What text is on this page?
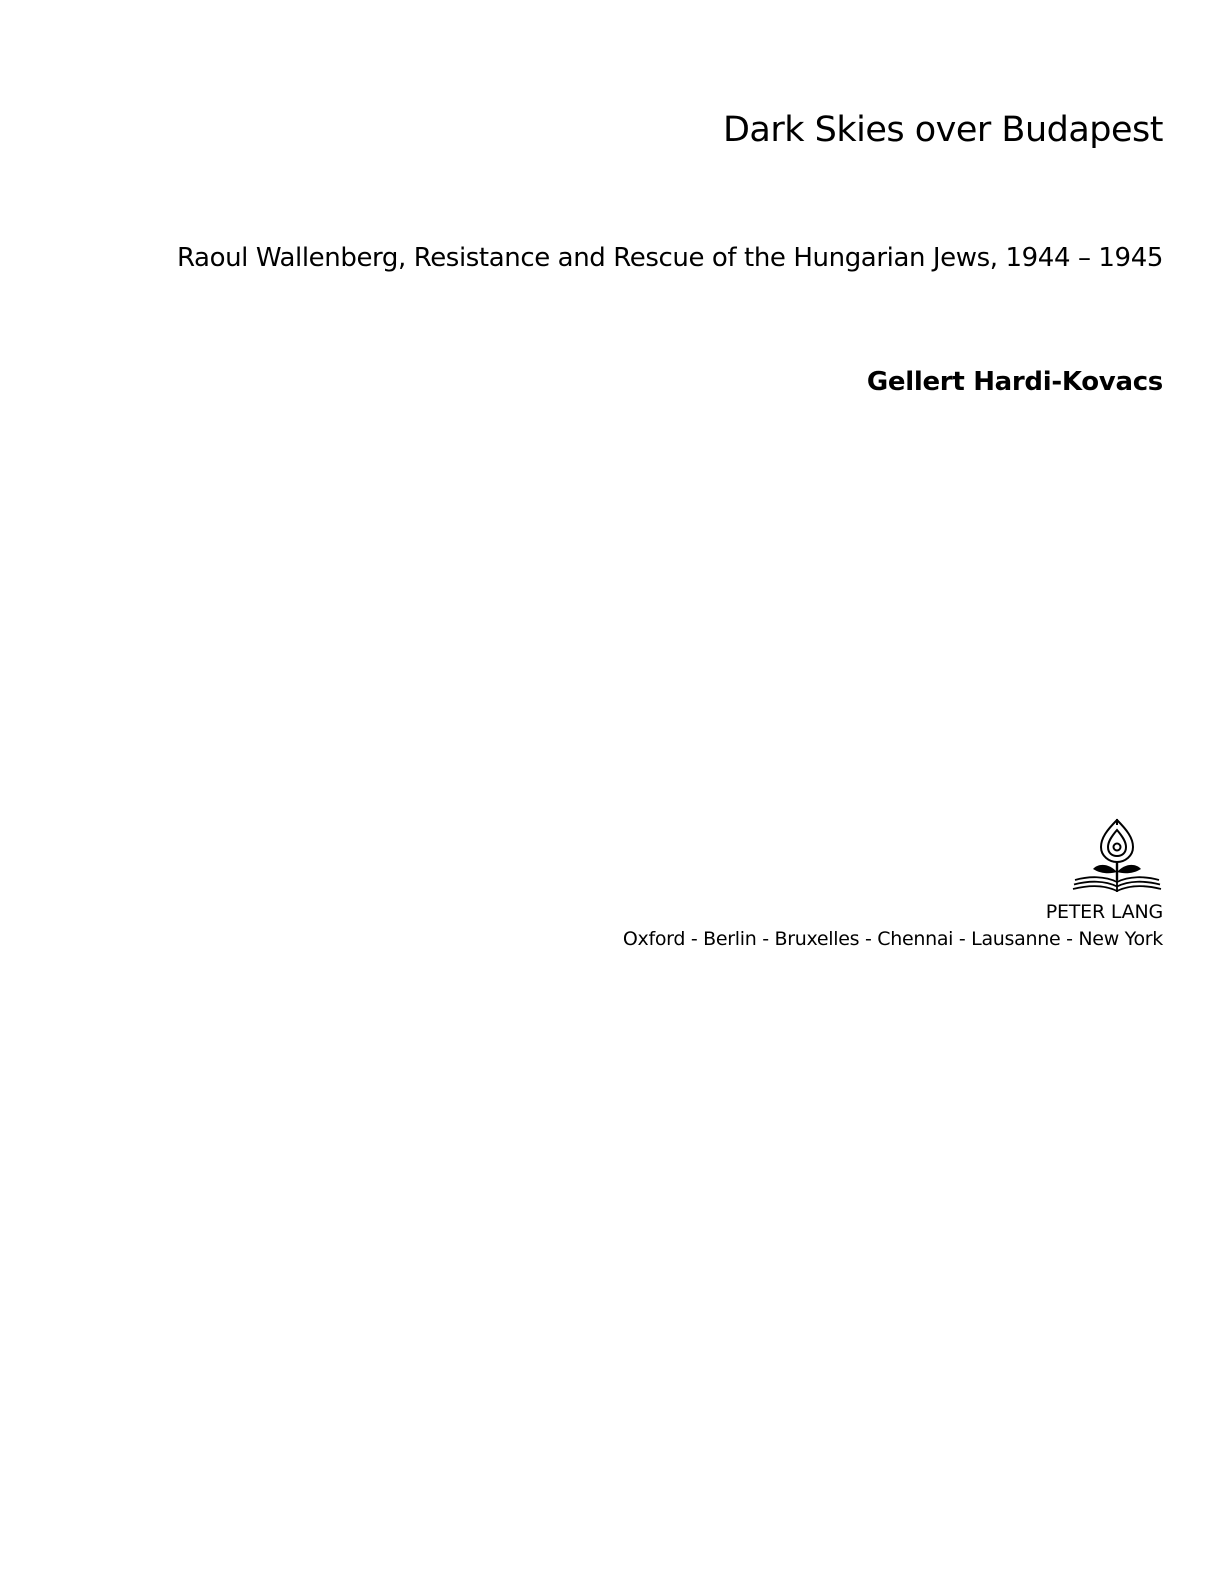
Dark Skies over Budapest
Raoul Wallenberg, Resistance and Rescue of the Hungarian Jews, 1944 – 1945
Gellert Hardi-Kovacs
PETER LANG
Oxford - Berlin - Bruxelles - Chennai - Lausanne - New York
